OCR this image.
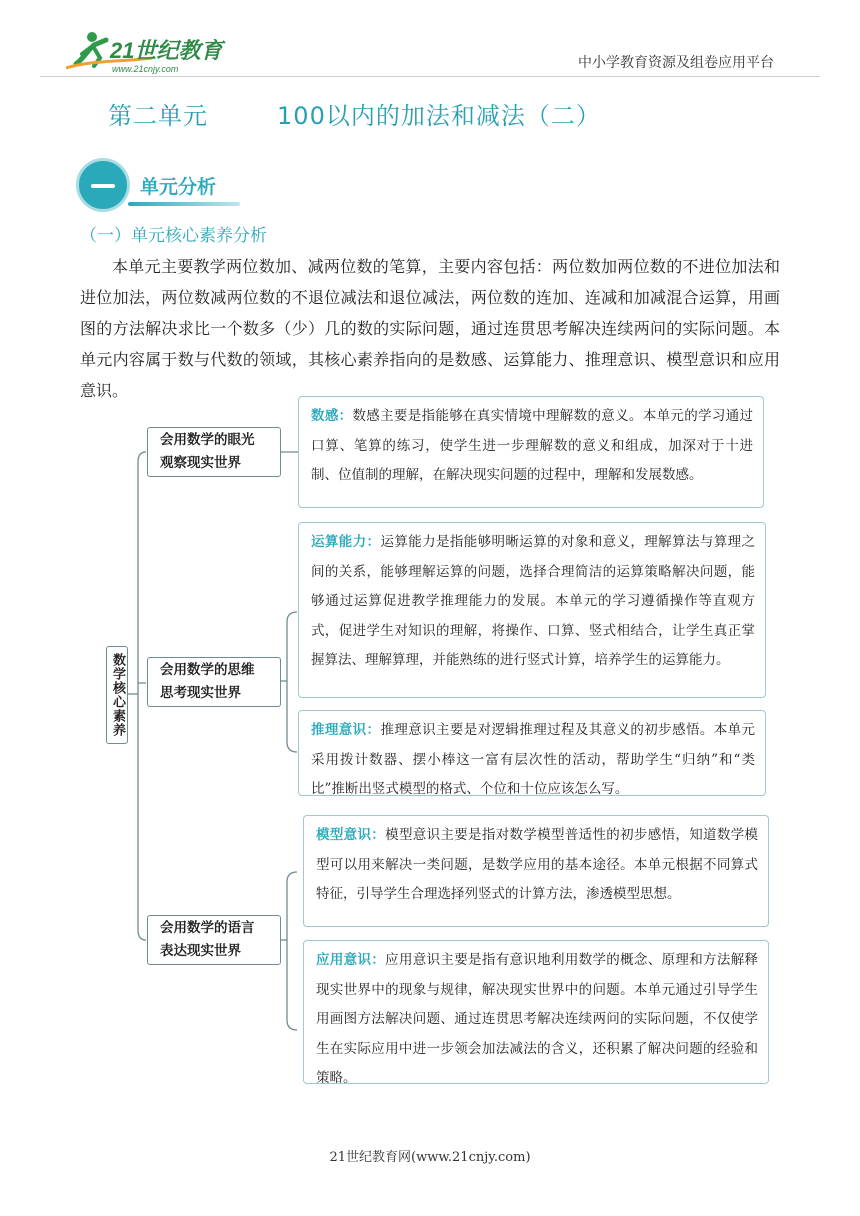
21世纪教育
www.21cnjy.com	中小学教育资源及组卷应用平台
第二单元	100以内的加法和减法（二）
单元分析
（一）单元核心素养分析

本单元主要教学两位数加、减两位数的笔算，主要内容包括：两位数加两位数的不进位加法和进位加法，两位数减两位数的不退位减法和退位减法，两位数的连加、连减和加减混合运算，用画图的方法解决求比一个数多（少）几的数的实际问题，通过连贯思考解决连续两问的实际问题。本单元内容属于数与代数的领域，其核心素养指向的是数感、运算能力、推理意识、模型意识和应用意识。

数学核心素养
会用数学的眼光
观察现实世界
会用数学的思维
思考现实世界
会用数学的语言
表达现实世界
数感：数感主要是指能够在真实情境中理解数的意义。本单元的学习通过口算、笔算的练习，使学生进一步理解数的意义和组成，加深对于十进制、位值制的理解，在解决现实问题的过程中，理解和发展数感。
运算能力：运算能力是指能够明晰运算的对象和意义，理解算法与算理之间的关系，能够理解运算的问题，选择合理简洁的运算策略解决问题，能够通过运算促进教学推理能力的发展。本单元的学习遵循操作等直观方式，促进学生对知识的理解，将操作、口算、竖式相结合，让学生真正掌握算法、理解算理，并能熟练的进行竖式计算，培养学生的运算能力。
推理意识：推理意识主要是对逻辑推理过程及其意义的初步感悟。本单元采用拨计数器、摆小棒这一富有层次性的活动，帮助学生“归纳”和“类比”推断出竖式模型的格式、个位和十位应该怎么写。
模型意识：模型意识主要是指对数学模型普适性的初步感悟，知道数学模型可以用来解决一类问题，是数学应用的基本途径。本单元根据不同算式特征，引导学生合理选择列竖式的计算方法，渗透模型思想。
应用意识：应用意识主要是指有意识地利用数学的概念、原理和方法解释现实世界中的现象与规律，解决现实世界中的问题。本单元通过引导学生用画图方法解决问题、通过连贯思考解决连续两问的实际问题，不仅使学生在实际应用中进一步领会加法减法的含义，还积累了解决问题的经验和策略。
21世纪教育网(www.21cnjy.com)
